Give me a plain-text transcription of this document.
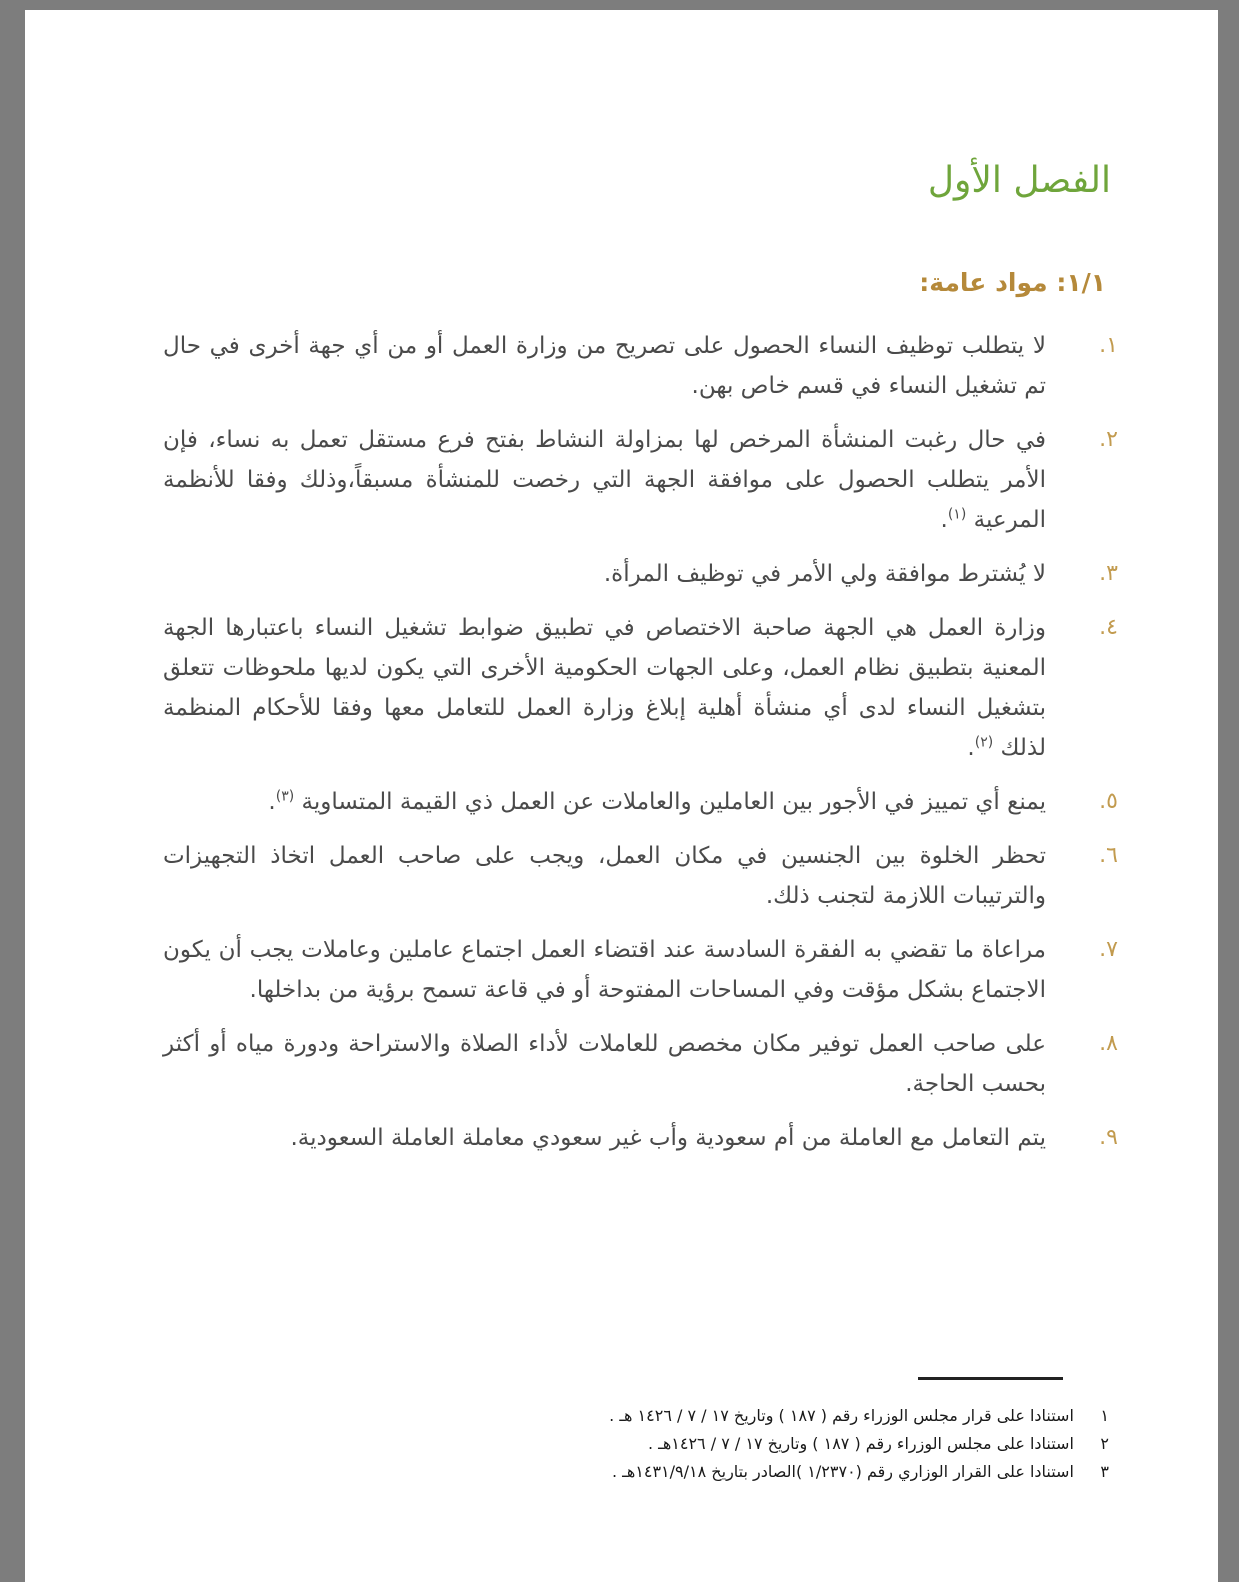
الفصل الأول
١/١: مواد عامة:
١.
لا يتطلب توظيف النساء الحصول على تصريح من وزارة العمل أو من أي جهة أخرى في حال تم تشغيل النساء في قسم خاص بهن.
٢.
في حال رغبت المنشأة المرخص لها بمزاولة النشاط بفتح فرع مستقل تعمل به نساء، فإن الأمر يتطلب الحصول على موافقة الجهة التي رخصت للمنشأة مسبقاً،وذلك وفقا للأنظمة المرعية $^{(١)}$.
٣.
لا يُشترط موافقة ولي الأمر في توظيف المرأة.
٤.
وزارة العمل هي الجهة صاحبة الاختصاص في تطبيق ضوابط تشغيل النساء باعتبارها الجهة المعنية بتطبيق نظام العمل، وعلى الجهات الحكومية الأخرى التي يكون لديها ملحوظات تتعلق بتشغيل النساء لدى أي منشأة أهلية إبلاغ وزارة العمل للتعامل معها وفقا للأحكام المنظمة لذلك $^{(٢)}$.
٥.
يمنع أي تمييز في الأجور بين العاملين والعاملات عن العمل ذي القيمة المتساوية $^{(٣)}$.
٦.
تحظر الخلوة بين الجنسين في مكان العمل، ويجب على صاحب العمل اتخاذ التجهيزات والترتيبات اللازمة لتجنب ذلك.
٧.
مراعاة ما تقضي به الفقرة السادسة عند اقتضاء العمل اجتماع عاملين وعاملات يجب أن يكون الاجتماع بشكل مؤقت وفي المساحات المفتوحة أو في قاعة تسمح برؤية من بداخلها.
٨.
على صاحب العمل توفير مكان مخصص للعاملات لأداء الصلاة والاستراحة ودورة مياه أو أكثر بحسب الحاجة.
٩.
يتم التعامل مع العاملة من أم سعودية وأب غير سعودي معاملة العاملة السعودية.
١ استنادا على قرار مجلس الوزراء رقم ( ١٨٧ ) وتاريخ ١٧ / ٧ / ١٤٢٦ هـ .
٢ استنادا على مجلس الوزراء رقم ( ١٨٧ ) وتاريخ ١٧ / ٧ / ١٤٢٦هـ .
٣ استنادا على القرار الوزاري رقم (١/٢٣٧٠ )الصادر بتاريخ ١٤٣١/٩/١٨هـ .
